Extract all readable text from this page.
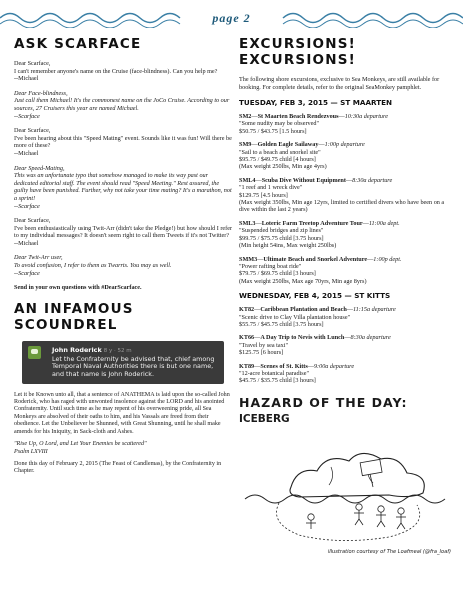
page 2
ASK SCARFACE

Dear Scarface,
I can't remember anyone's name on the Cruise (face-blindness). Can you help me?
--Michael

Dear Face-blindness,
Just call them Michael! It's the commonest name on the JoCo Cruise. According to our sources, 27 Cruisers this year are named Michael.
--Scarface

Dear Scarface,
I've been hearing about this "Speed Mating" event. Sounds like it was fun! Will there be more of these?
--Michael

Dear Speed-Mating,
This was an unfortunate typo that somehow managed to make its way past our dedicated editorial staff. The event should read "Speed Meeting." Rest assured, the guilty have been punished. Further, why not take your time mating? It's a marathon, not a sprint!
--Scarface

Dear Scarface,
I've been enthusiastically using Twit-Arr (didn't take the Pledge!) but how should I refer to my individual messages? It doesn't seem right to call them Tweets if it's not Twitter?
--Michael

Dear Twit-Arr user,
To avoid confusion, I refer to them as Twarrts. You may as well.
--Scarface

Send in your own questions with #DearScarface.

AN INFAMOUS SCOUNDREL
John Roderick 8 y · 52 m
Let the Confraternity be advised that, chief among Temporal Naval Authorities there is but one name, and that name is John Roderick.

Let it be Known unto all, that a sentence of ANATHEMA is laid upon the so-called John Roderick, who has raged with unwonted insolence against the LORD and his anointed Confraternity. Until such time as he may repent of his overweening pride, all Sea Monkeys are absolved of their oaths to him, and his Vassals are freed from their obedience. Let the Unbeliever be Shunned, with Great Shunning, until he shall make amends for his Iniquity, in Sack-cloth and Ashes.

"Rise Up, O Lord, and Let Your Enemies be scattered"
Psalm LXVIII

Done this day of February 2, 2015 (The Feast of Candlemas), by the Confraternity in Chapter.

EXCURSIONS! EXCURSIONS!

The following shore excursions, exclusive to Sea Monkeys, are still available for booking. For complete details, refer to the original SeaMonkey pamphlet.

TUESDAY, FEB 3, 2015 — ST MAARTEN
SM2—St Maarten Beach Rendezvous—10:30a departure
"Some nudity may be observed"
$50.75 / $43.75 [1.5 hours]
SM9—Golden Eagle Sailaway—1:00p departure
"Sail to a beach and snorkel site"
$95.75 / $49.75 child [4 hours]
(Max weight 250lbs, Min age 4yrs)
SML4—Scuba Dive Without Equipment—8:30a departure
"1 reef and 1 wreck dive"
$129.75 [4.5 hours]
(Max weight 350lbs, Min age 12yrs, limited to certified divers who have been on a dive within the last 2 years)
SML3—Loteric Farm Treetop Adventure Tour—11:00a dept.
"Suspended bridges and zip lines"
$99.75 / $75.75 child [3.75 hours]
(Min height 54ins, Max weight 250lbs)
SMM3—Ultimate Beach and Snorkel Adventure—1:00p dept.
"Power rafting boat ride"
$79.75 / $69.75 child [3 hours]
(Max weight 250lbs, Max age 70yrs, Min age 8yrs)
WEDNESDAY, FEB 4, 2015 — ST KITTS
KT82—Caribbean Plantation and Beach—11:15a departure
"Scenic drive to Clay Villa plantation house"
$55.75 / $45.75 child [3.75 hours]
KT66—A Day Trip to Nevis with Lunch—8:30a departure
"Travel by sea taxi"
$125.75 [6 hours]
KT89—Scenes of St. Kitts—9:00a departure
"12-acre botanical paradise"
$45.75 / $35.75 child [3 hours]
HAZARD OF THE DAY:
ICEBERG
illustration courtesy of The Loafmeal (@fra_loaf)
